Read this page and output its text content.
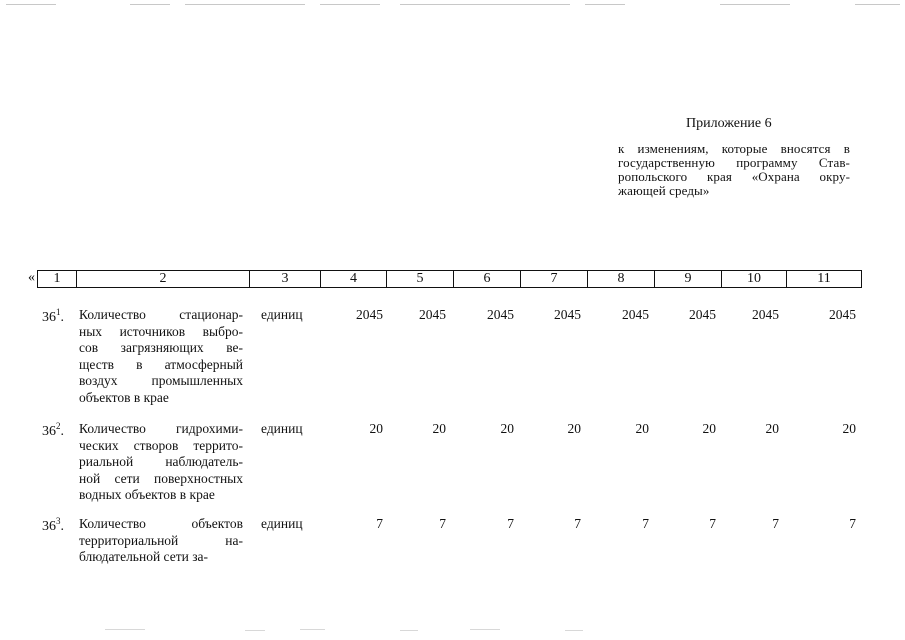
Приложение 6
к изменениям, которые вносятся в
государственную программу Став-
ропольского края «Охрана окру-
жающей среды»
«	1	2	3	4	5	6	7	8	9	10	11
$36^1$. Количество стационар-
ных источников выбро-
сов загрязняющих ве-
ществ в атмосферный
воздух промышленных
объектов в крае
единиц	2045	2045	2045	2045	2045	2045	2045	2045
$36^2$. Количество гидрохими-
ческих створов террито-
риальной наблюдатель-
ной сети поверхностных
водных объектов в крае
единиц	20	20	20	20	20	20	20	20
$36^3$. Количество объектов
территориальной на-
блюдательной сети за-
единиц	7	7	7	7	7	7	7	7
